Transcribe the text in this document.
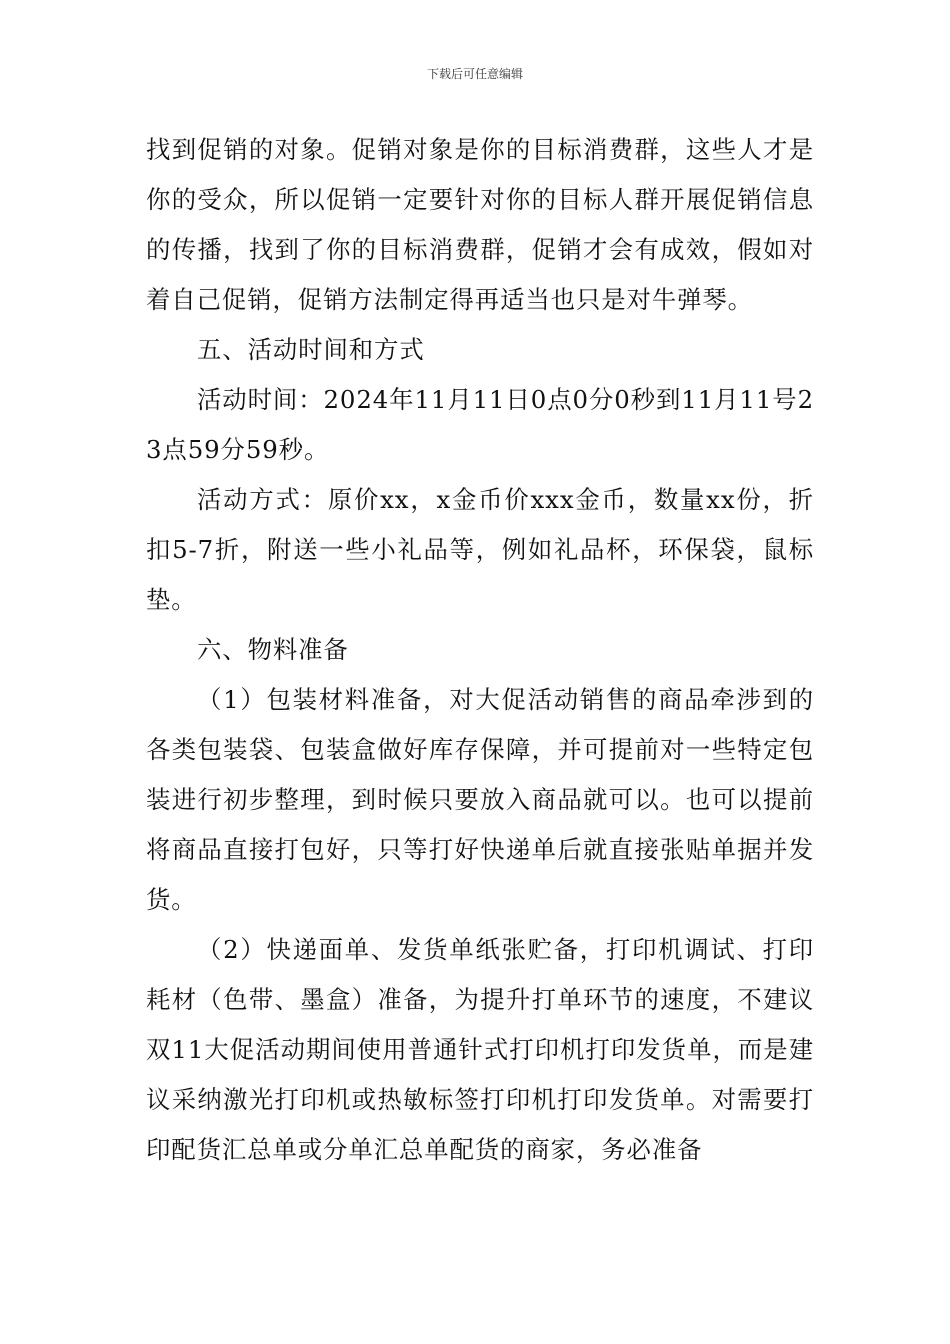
下载后可任意编辑

找到促销的对象。促销对象是你的目标消费群，这些人才是你的受众，所以促销一定要针对你的目标人群开展促销信息的传播，找到了你的目标消费群，促销才会有成效，假如对着自己促销，促销方法制定得再适当也只是对牛弹琴。

五、活动时间和方式

活动时间：2024年11月11日0点0分0秒到11月11号23点59分59秒。

活动方式：原价xx，x金币价xxx金币，数量xx份，折扣5-7折，附送一些小礼品等，例如礼品杯，环保袋，鼠标垫。

六、物料准备

（1）包装材料准备，对大促活动销售的商品牵涉到的各类包装袋、包装盒做好库存保障，并可提前对一些特定包装进行初步整理，到时候只要放入商品就可以。也可以提前将商品直接打包好，只等打好快递单后就直接张贴单据并发货。

（2）快递面单、发货单纸张贮备，打印机调试、打印耗材（色带、墨盒）准备，为提升打单环节的速度，不建议双11大促活动期间使用普通针式打印机打印发货单，而是建议采纳激光打印机或热敏标签打印机打印发货单。对需要打印配货汇总单或分单汇总单配货的商家，务必准备
